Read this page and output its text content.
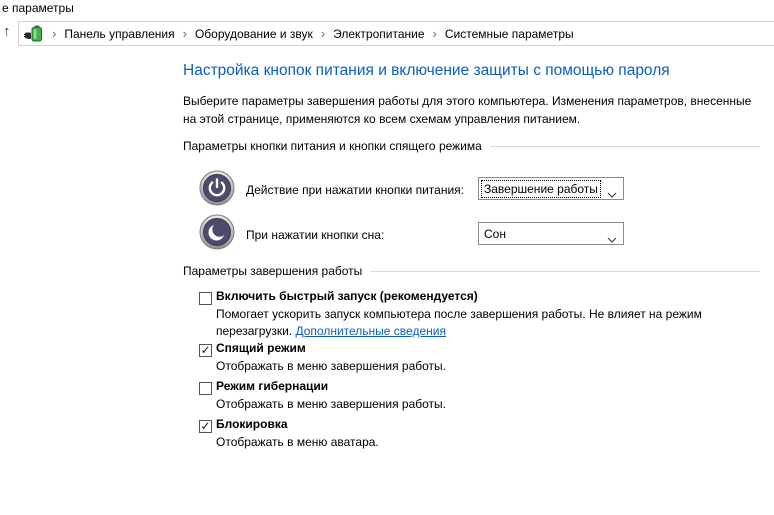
е параметры
↑	› Панель управления › Оборудование и звук › Электропитание › Системные параметры
Настройка кнопок питания и включение защиты с помощью пароля
Выберите параметры завершения работы для этого компьютера. Изменения параметров, внесенные на этой странице, применяются ко всем схемам управления питанием.
Параметры кнопки питания и кнопки спящего режима
Действие при нажатии кнопки питания: Завершение работы
При нажатии кнопки сна:	Сон
Параметры завершения работы
Включить быстрый запуск (рекомендуется)
Помогает ускорить запуск компьютера после завершения работы. Не влияет на режим перезагрузки. Дополнительные сведения
✓ Спящий режим
Отображать в меню завершения работы.
Режим гибернации
Отображать в меню завершения работы.
✓ Блокировка
Отображать в меню аватара.
